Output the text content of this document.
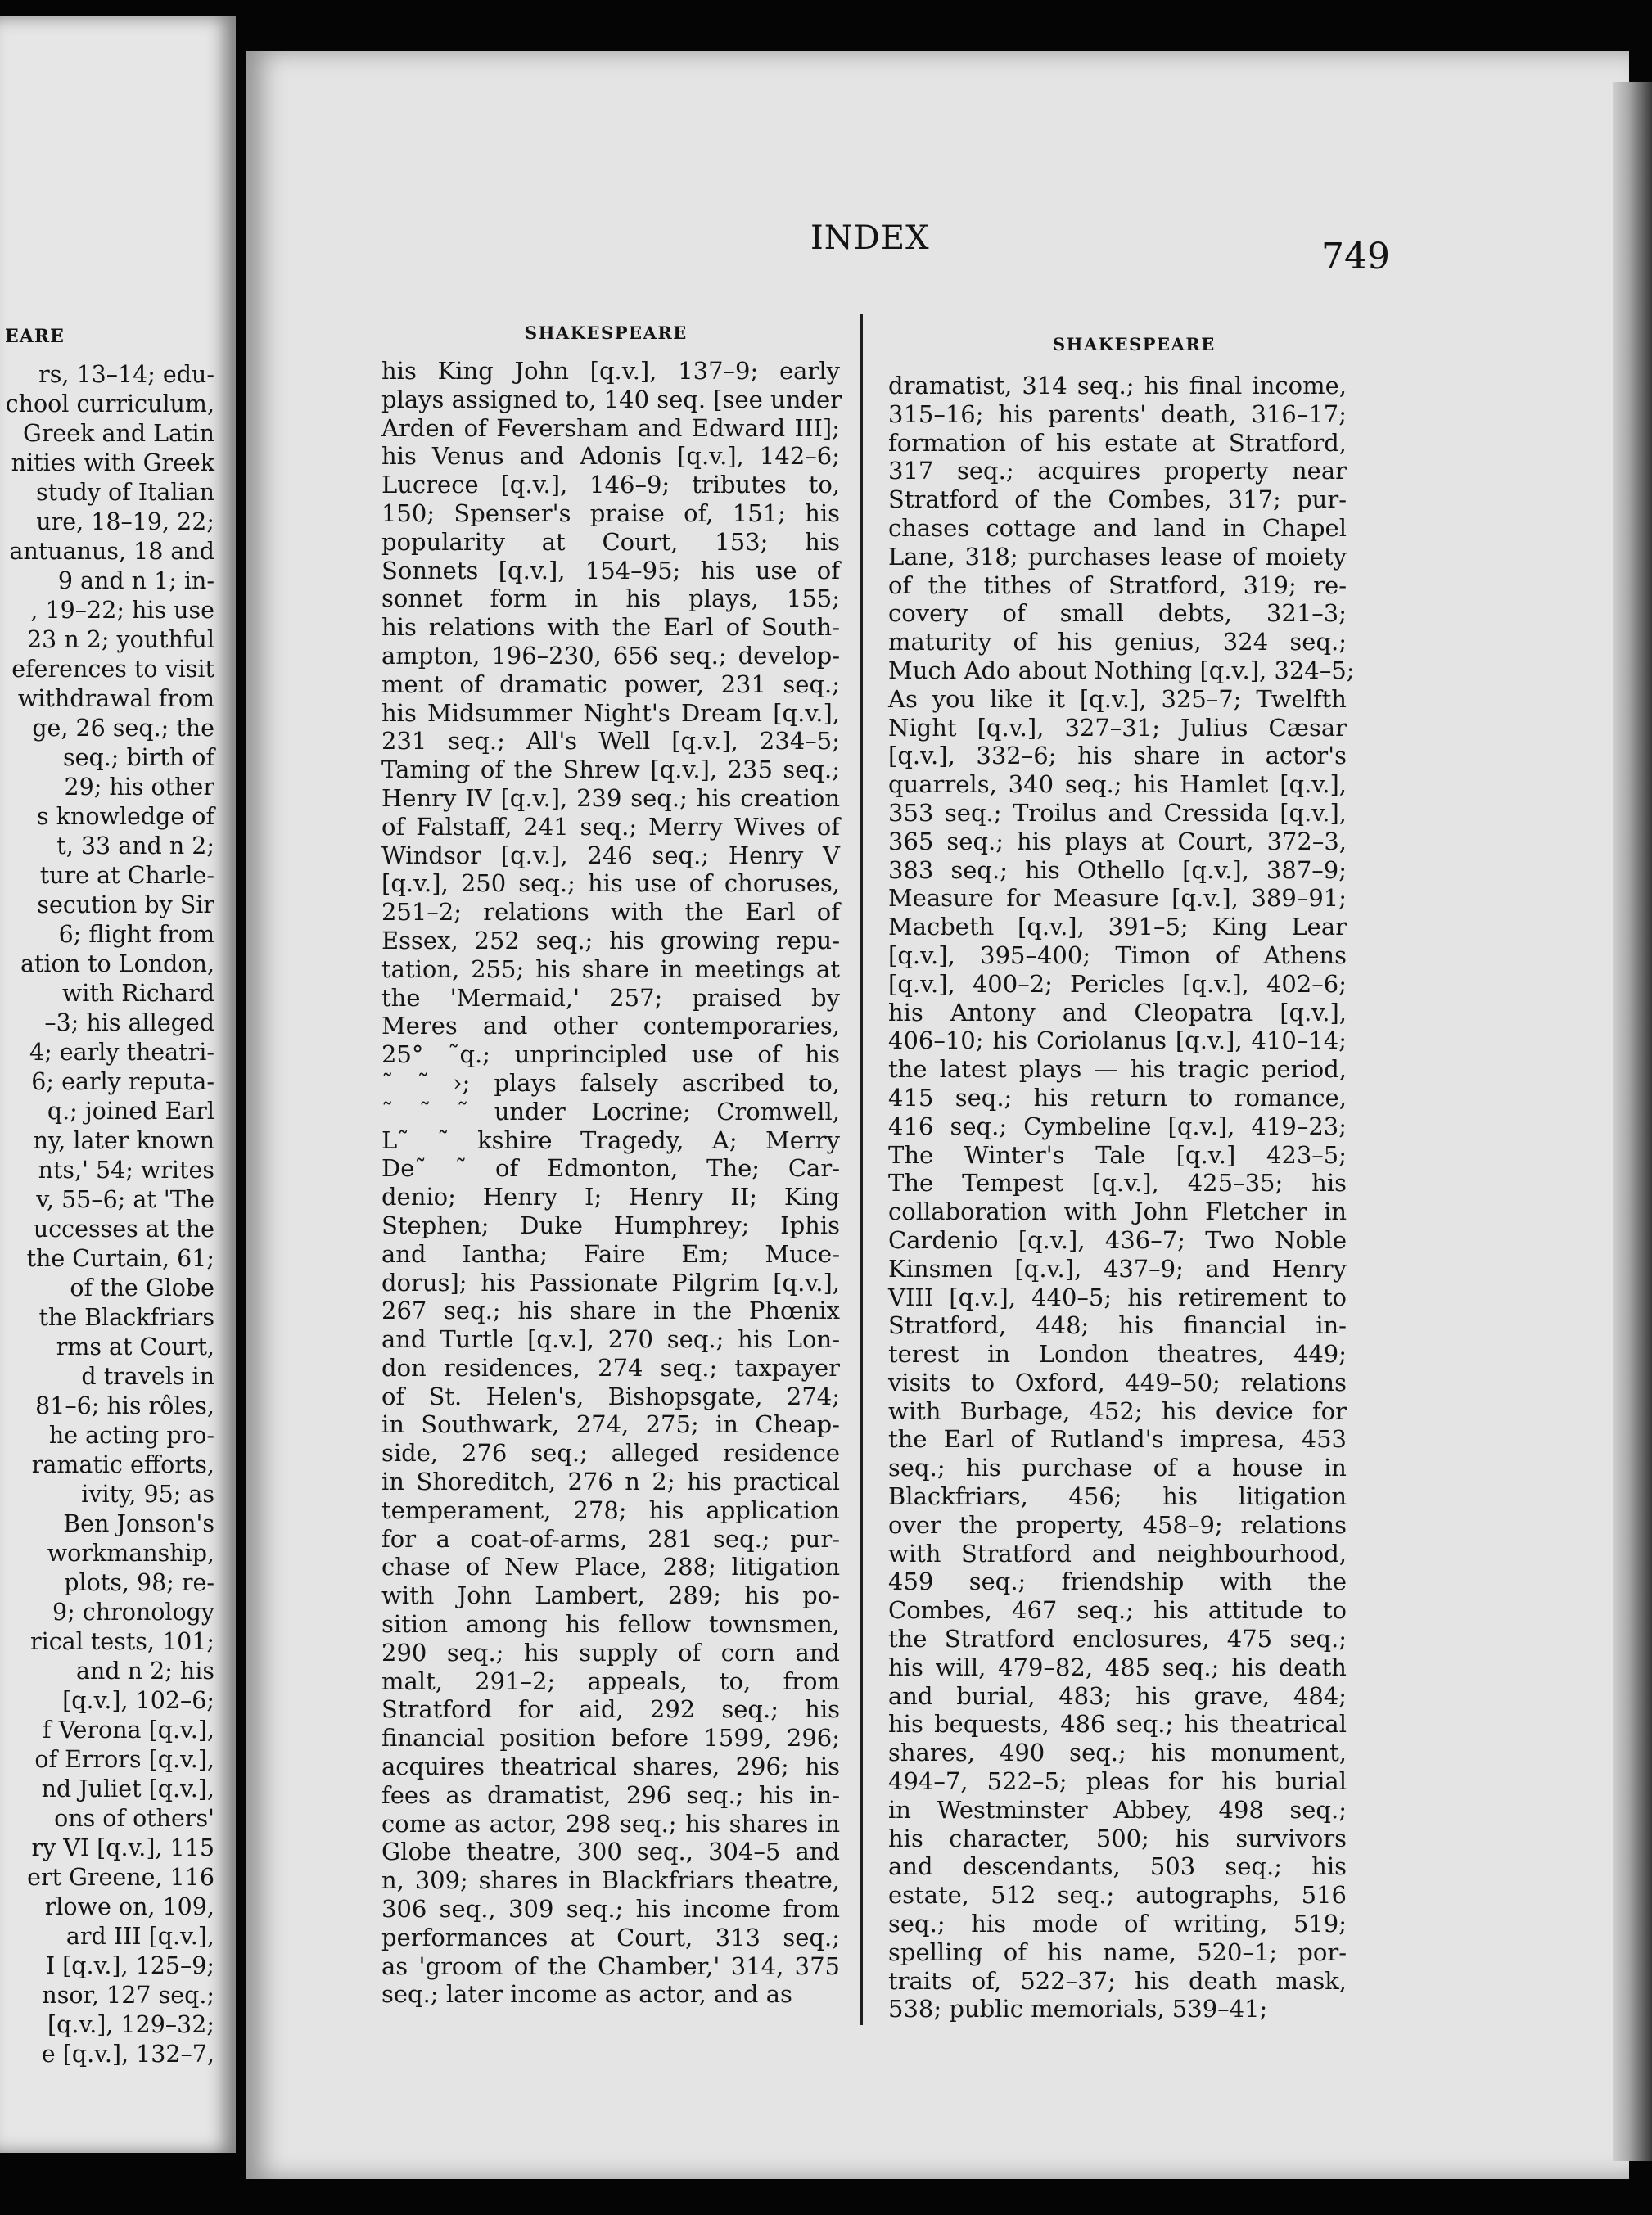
EARE
rs, 13–14; edu-
chool curriculum,
Greek and Latin
nities with Greek
study of Italian
ure, 18–19, 22;
antuanus, 18 and
9 and n 1; in-
, 19–22; his use
23 n 2; youthful
eferences to visit
withdrawal from
ge, 26 seq.; the
seq.; birth of
29; his other
s knowledge of
t, 33 and n 2;
ture at Charle-
secution by Sir
6; flight from
ation to London,
with Richard
–3; his alleged
4; early theatri-
6; early reputa-
q.; joined Earl
ny, later known
nts,' 54; writes
v, 55–6; at 'The
uccesses at the
the Curtain, 61;
of the Globe
the Blackfriars
rms at Court,
d travels in
81–6; his rôles,
he acting pro-
ramatic efforts,
ivity, 95; as
Ben Jonson's
workmanship,
plots, 98; re-
9; chronology
rical tests, 101;
and n 2; his
[q.v.], 102–6;
f Verona [q.v.],
of Errors [q.v.],
nd Juliet [q.v.],
ons of others'
ry VI [q.v.], 115
ert Greene, 116
rlowe on, 109,
ard III [q.v.],
I [q.v.], 125–9;
nsor, 127 seq.;
[q.v.], 129–32;
e [q.v.], 132–7,
INDEX	749
SHAKESPEARE
SHAKESPEARE
his King John [q.v.], 137–9; early
plays assigned to, 140 seq. [see under
Arden of Feversham and Edward III];
his Venus and Adonis [q.v.], 142–6;
Lucrece [q.v.], 146–9; tributes to,
150; Spenser's praise of, 151; his
popularity at Court, 153; his
Sonnets [q.v.], 154–95; his use of
sonnet form in his plays, 155;
his relations with the Earl of South-
ampton, 196–230, 656 seq.; develop-
ment of dramatic power, 231 seq.;
his Midsummer Night's Dream [q.v.],
231 seq.; All's Well [q.v.], 234–5;
Taming of the Shrew [q.v.], 235 seq.;
Henry IV [q.v.], 239 seq.; his creation
of Falstaff, 241 seq.; Merry Wives of
Windsor [q.v.], 246 seq.; Henry V
[q.v.], 250 seq.; his use of choruses,
251–2; relations with the Earl of
Essex, 252 seq.; his growing repu-
tation, 255; his share in meetings at
the 'Mermaid,' 257; praised by
Meres and other contemporaries,
25° ˜q.; unprincipled use of his
˜ ˜ ›; plays falsely ascribed to,
˜ ˜ ˜ under Locrine; Cromwell,
L˜ ˜ kshire Tragedy, A; Merry
De˜ ˜ of Edmonton, The; Car-
denio; Henry I; Henry II; King
Stephen; Duke Humphrey; Iphis
and Iantha; Faire Em; Muce-
dorus]; his Passionate Pilgrim [q.v.],
267 seq.; his share in the Phœnix
and Turtle [q.v.], 270 seq.; his Lon-
don residences, 274 seq.; taxpayer
of St. Helen's, Bishopsgate, 274;
in Southwark, 274, 275; in Cheap-
side, 276 seq.; alleged residence
in Shoreditch, 276 n 2; his practical
temperament, 278; his application
for a coat-of-arms, 281 seq.; pur-
chase of New Place, 288; litigation
with John Lambert, 289; his po-
sition among his fellow townsmen,
290 seq.; his supply of corn and
malt, 291–2; appeals, to, from
Stratford for aid, 292 seq.; his
financial position before 1599, 296;
acquires theatrical shares, 296; his
fees as dramatist, 296 seq.; his in-
come as actor, 298 seq.; his shares in
Globe theatre, 300 seq., 304–5 and
n, 309; shares in Blackfriars theatre,
306 seq., 309 seq.; his income from
performances at Court, 313 seq.;
as 'groom of the Chamber,' 314, 375
seq.; later income as actor, and as
dramatist, 314 seq.; his final income,
315–16; his parents' death, 316–17;
formation of his estate at Stratford,
317 seq.; acquires property near
Stratford of the Combes, 317; pur-
chases cottage and land in Chapel
Lane, 318; purchases lease of moiety
of the tithes of Stratford, 319; re-
covery of small debts, 321–3;
maturity of his genius, 324 seq.;
Much Ado about Nothing [q.v.], 324–5;
As you like it [q.v.], 325–7; Twelfth
Night [q.v.], 327–31; Julius Cæsar
[q.v.], 332–6; his share in actor's
quarrels, 340 seq.; his Hamlet [q.v.],
353 seq.; Troilus and Cressida [q.v.],
365 seq.; his plays at Court, 372–3,
383 seq.; his Othello [q.v.], 387–9;
Measure for Measure [q.v.], 389–91;
Macbeth [q.v.], 391–5; King Lear
[q.v.], 395–400; Timon of Athens
[q.v.], 400–2; Pericles [q.v.], 402–6;
his Antony and Cleopatra [q.v.],
406–10; his Coriolanus [q.v.], 410–14;
the latest plays — his tragic period,
415 seq.; his return to romance,
416 seq.; Cymbeline [q.v.], 419–23;
The Winter's Tale [q.v.] 423–5;
The Tempest [q.v.], 425–35; his
collaboration with John Fletcher in
Cardenio [q.v.], 436–7; Two Noble
Kinsmen [q.v.], 437–9; and Henry
VIII [q.v.], 440–5; his retirement to
Stratford, 448; his financial in-
terest in London theatres, 449;
visits to Oxford, 449–50; relations
with Burbage, 452; his device for
the Earl of Rutland's impresa, 453
seq.; his purchase of a house in
Blackfriars, 456; his litigation
over the property, 458–9; relations
with Stratford and neighbourhood,
459 seq.; friendship with the
Combes, 467 seq.; his attitude to
the Stratford enclosures, 475 seq.;
his will, 479–82, 485 seq.; his death
and burial, 483; his grave, 484;
his bequests, 486 seq.; his theatrical
shares, 490 seq.; his monument,
494–7, 522–5; pleas for his burial
in Westminster Abbey, 498 seq.;
his character, 500; his survivors
and descendants, 503 seq.; his
estate, 512 seq.; autographs, 516
seq.; his mode of writing, 519;
spelling of his name, 520–1; por-
traits of, 522–37; his death mask,
538; public memorials, 539–41;
